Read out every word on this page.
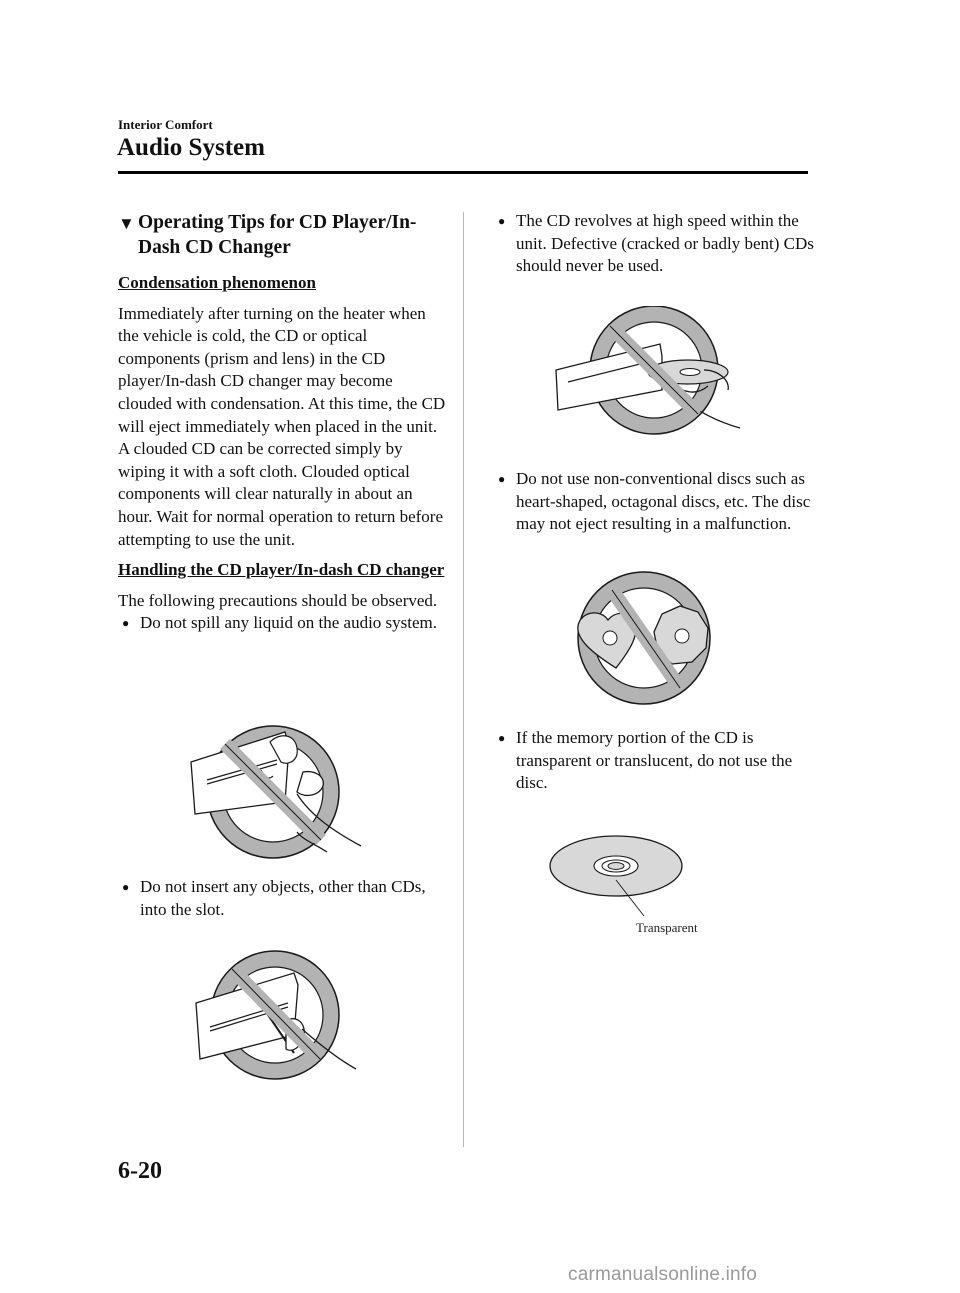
Interior Comfort
Audio System
▼ Operating Tips for CD Player/In-Dash CD Changer
Condensation phenomenon
Immediately after turning on the heater when the vehicle is cold, the CD or optical components (prism and lens) in the CD player/In-dash CD changer may become clouded with condensation. At this time, the CD will eject immediately when placed in the unit. A clouded CD can be corrected simply by wiping it with a soft cloth. Clouded optical components will clear naturally in about an hour. Wait for normal operation to return before attempting to use the unit.
Handling the CD player/In-dash CD changer
The following precautions should be observed.
● Do not spill any liquid on the audio system.
● Do not insert any objects, other than CDs, into the slot.
● The CD revolves at high speed within the unit. Defective (cracked or badly bent) CDs should never be used.
● Do not use non-conventional discs such as heart-shaped, octagonal discs, etc. The disc may not eject resulting in a malfunction.
● If the memory portion of the CD is transparent or translucent, do not use the disc.
Transparent
6-20
carmanualsonline.info
